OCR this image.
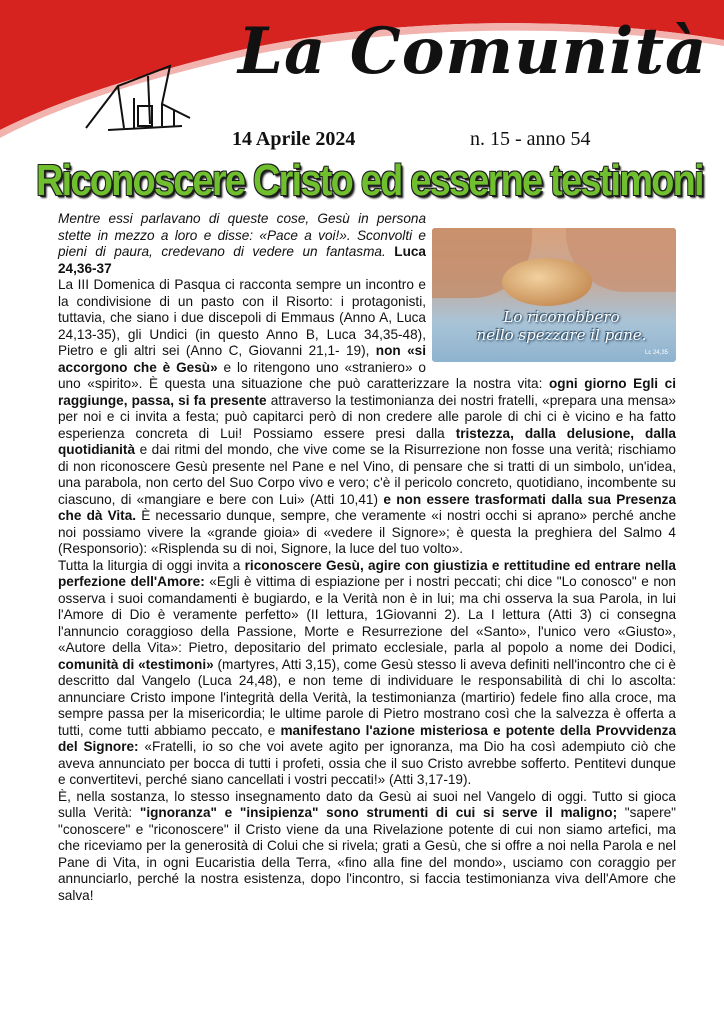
La Comunità
14 Aprile 2024	n. 15 - anno 54
Riconoscere Cristo ed esserne testimoni
Lo riconobbero
nello spezzare il pane.
Lc 24,35

Mentre essi parlavano di queste cose, Gesù in persona stette in mezzo a loro e disse: «Pace a voi!». Sconvolti e pieni di paura, credevano di vedere un fantasma. Luca 24,36-37

La III Domenica di Pasqua ci racconta sempre un incontro e la condivisione di un pasto con il Risorto: i protagonisti, tuttavia, che siano i due discepoli di Emmaus (Anno A, Luca 24,13-35), gli Undici (in questo Anno B, Luca 34,35-48), Pietro e gli altri sei (Anno C, Giovanni 21,1- 19), non «si accorgono che è Gesù» e lo ritengono uno «straniero» o uno «spirito». È questa una situazione che può caratterizzare la nostra vita: ogni giorno Egli ci raggiunge, passa, si fa presente attraverso la testimonianza dei nostri fratelli, «prepara una mensa» per noi e ci invita a festa; può capitarci però di non credere alle parole di chi ci è vicino e ha fatto esperienza concreta di Lui! Possiamo essere presi dalla tristezza, dalla delusione, dalla quotidianità e dai ritmi del mondo, che vive come se la Risurrezione non fosse una verità; rischiamo di non riconoscere Gesù presente nel Pane e nel Vino, di pensare che si tratti di un simbolo, un'idea, una parabola, non certo del Suo Corpo vivo e vero; c'è il pericolo concreto, quotidiano, incombente su ciascuno, di «mangiare e bere con Lui» (Atti 10,41) e non essere trasformati dalla sua Presenza che dà Vita. È necessario dunque, sempre, che veramente «i nostri occhi si aprano» perché anche noi possiamo vivere la «grande gioia» di «vedere il Signore»; è questa la preghiera del Salmo 4 (Responsorio): «Risplenda su di noi, Signore, la luce del tuo volto».

Tutta la liturgia di oggi invita a riconoscere Gesù, agire con giustizia e rettitudine ed entrare nella perfezione dell'Amore: «Egli è vittima di espiazione per i nostri peccati; chi dice "Lo conosco" e non osserva i suoi comandamenti è bugiardo, e la Verità non è in lui; ma chi osserva la sua Parola, in lui l'Amore di Dio è veramente perfetto» (II lettura, 1Giovanni 2). La I lettura (Atti 3) ci consegna l'annuncio coraggioso della Passione, Morte e Resurrezione del «Santo», l'unico vero «Giusto», «Autore della Vita»: Pietro, depositario del primato ecclesiale, parla al popolo a nome dei Dodici, comunità di «testimoni» (martyres, Atti 3,15), come Gesù stesso li aveva definiti nell'incontro che ci è descritto dal Vangelo (Luca 24,48), e non teme di individuare le responsabilità di chi lo ascolta: annunciare Cristo impone l'integrità della Verità, la testimonianza (martirio) fedele fino alla croce, ma sempre passa per la misericordia; le ultime parole di Pietro mostrano così che la salvezza è offerta a tutti, come tutti abbiamo peccato, e manifestano l'azione misteriosa e potente della Provvidenza del Signore: «Fratelli, io so che voi avete agito per ignoranza, ma Dio ha così adempiuto ciò che aveva annunciato per bocca di tutti i profeti, ossia che il suo Cristo avrebbe sofferto. Pentitevi dunque e convertitevi, perché siano cancellati i vostri peccati!» (Atti 3,17-19).

È, nella sostanza, lo stesso insegnamento dato da Gesù ai suoi nel Vangelo di oggi. Tutto si gioca sulla Verità: "ignoranza" e "insipienza" sono strumenti di cui si serve il maligno; "sapere" "conoscere" e "riconoscere" il Cristo viene da una Rivelazione potente di cui non siamo artefici, ma che riceviamo per la generosità di Colui che si rivela; grati a Gesù, che si offre a noi nella Parola e nel Pane di Vita, in ogni Eucaristia della Terra, «fino alla fine del mondo», usciamo con coraggio per annunciarlo, perché la nostra esistenza, dopo l'incontro, si faccia testimonianza viva dell'Amore che salva!
